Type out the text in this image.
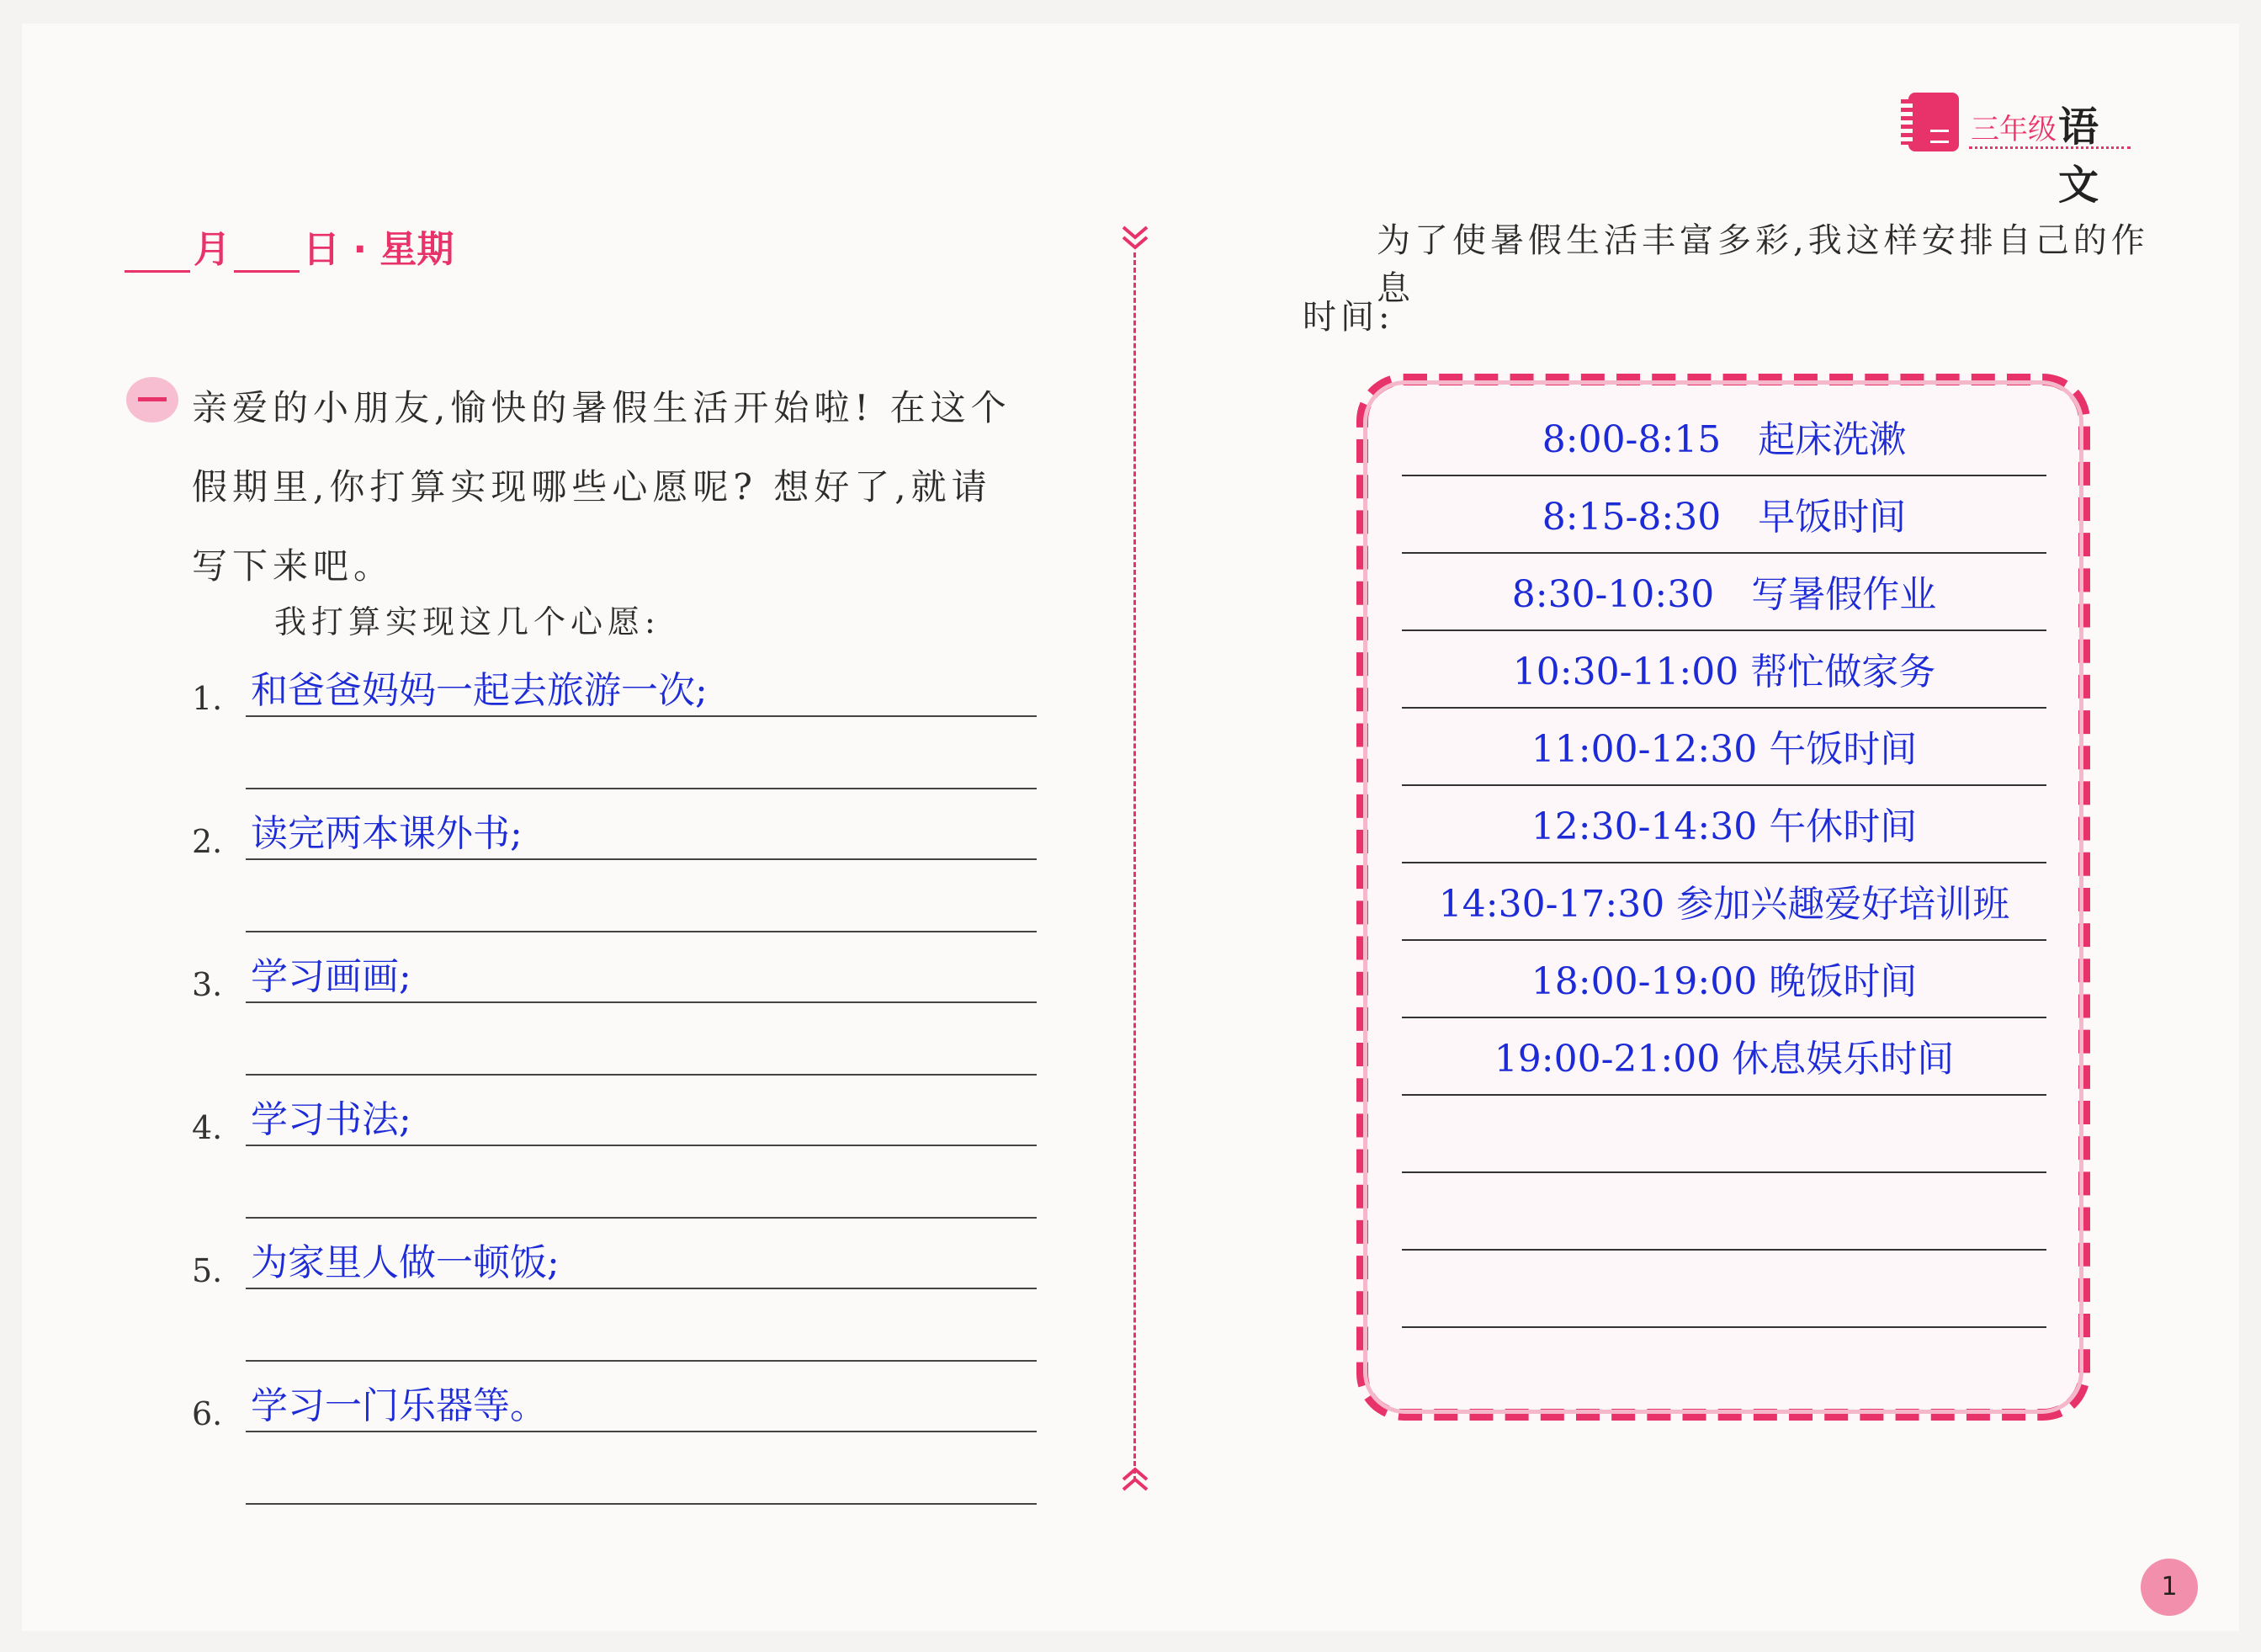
三年级 语文
月 日 · 星期
亲爱的小朋友,愉快的暑假生活开始啦! 在这个
假期里,你打算实现哪些心愿呢? 想好了,就请
写下来吧。
我打算实现这几个心愿:
1. 和爸爸妈妈一起去旅游一次;
2. 读完两本课外书;
3. 学习画画;
4. 学习书法;
5. 为家里人做一顿饭;
6. 学习一门乐器等。
为了使暑假生活丰富多彩,我这样安排自己的作息
时间:
8:00-8:15　起床洗漱
8:15-8:30　早饭时间
8:30-10:30　写暑假作业
10:30-11:00 帮忙做家务
11:00-12:30 午饭时间
12:30-14:30 午休时间
14:30-17:30 参加兴趣爱好培训班
18:00-19:00 晚饭时间
19:00-21:00 休息娱乐时间
1
